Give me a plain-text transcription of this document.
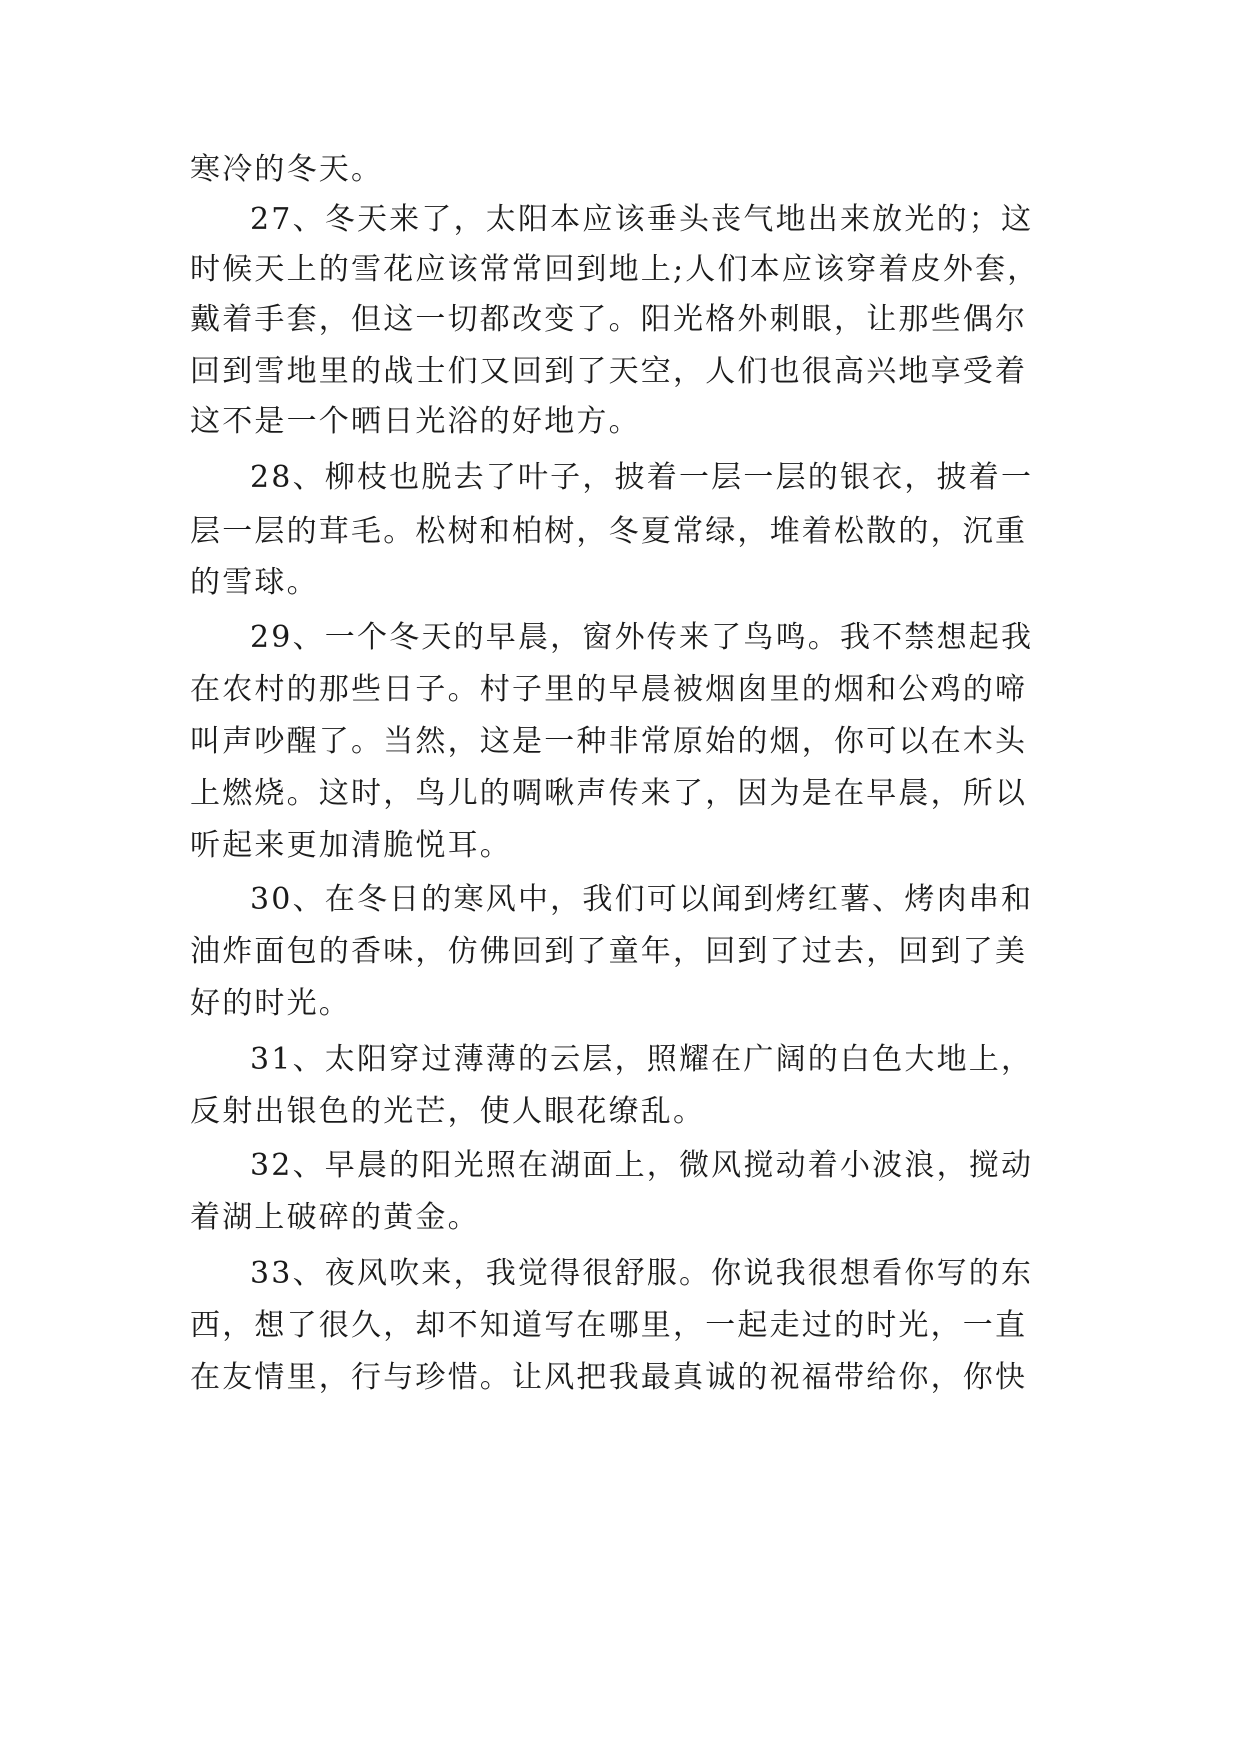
寒冷的冬天。
27、冬天来了，太阳本应该垂头丧气地出来放光的；这
时候天上的雪花应该常常回到地上;人们本应该穿着皮外套，
戴着手套，但这一切都改变了。阳光格外刺眼，让那些偶尔
回到雪地里的战士们又回到了天空，人们也很高兴地享受着
这不是一个晒日光浴的好地方。
28、柳枝也脱去了叶子，披着一层一层的银衣，披着一
层一层的茸毛。松树和柏树，冬夏常绿，堆着松散的，沉重
的雪球。
29、一个冬天的早晨，窗外传来了鸟鸣。我不禁想起我
在农村的那些日子。村子里的早晨被烟囱里的烟和公鸡的啼
叫声吵醒了。当然，这是一种非常原始的烟，你可以在木头
上燃烧。这时，鸟儿的啁啾声传来了，因为是在早晨，所以
听起来更加清脆悦耳。
30、在冬日的寒风中，我们可以闻到烤红薯、烤肉串和
油炸面包的香味，仿佛回到了童年，回到了过去，回到了美
好的时光。
31、太阳穿过薄薄的云层，照耀在广阔的白色大地上，
反射出银色的光芒，使人眼花缭乱。
32、早晨的阳光照在湖面上，微风搅动着小波浪，搅动
着湖上破碎的黄金。
33、夜风吹来，我觉得很舒服。你说我很想看你写的东
西，想了很久，却不知道写在哪里，一起走过的时光，一直
在友情里，行与珍惜。让风把我最真诚的祝福带给你，你快
